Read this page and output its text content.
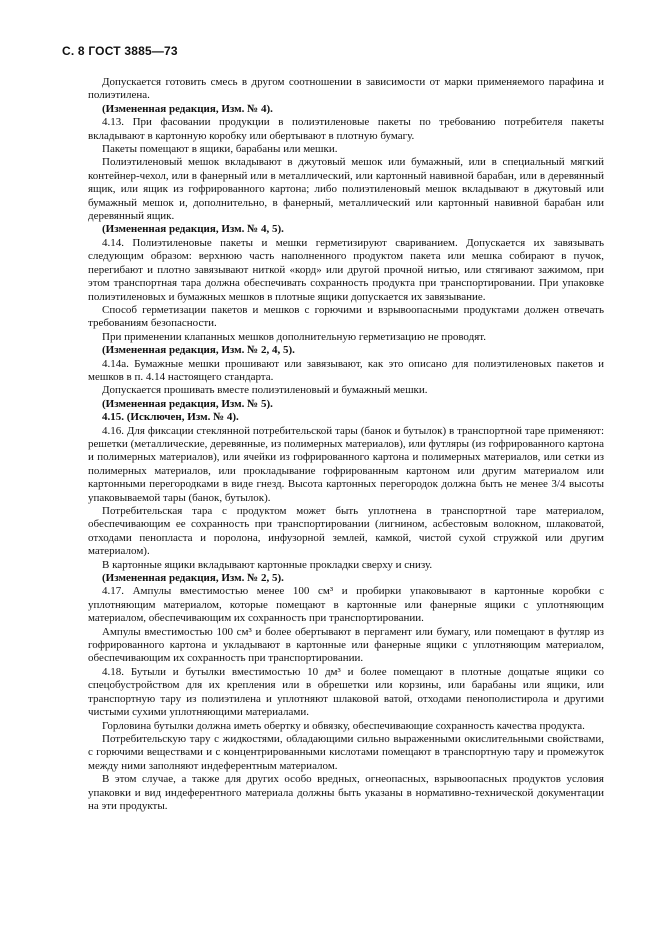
С. 8 ГОСТ 3885—73

Допускается готовить смесь в другом соотношении в зависимости от марки применяемого парафина и полиэтилена.

(Измененная редакция, Изм. № 4).

4.13. При фасовании продукции в полиэтиленовые пакеты по требованию потребителя пакеты вкладывают в картонную коробку или обертывают в плотную бумагу.

Пакеты помещают в ящики, барабаны или мешки.

Полиэтиленовый мешок вкладывают в джутовый мешок или бумажный, или в специальный мягкий контейнер-чехол, или в фанерный или в металлический, или картонный навивной барабан, или в деревянный ящик, или ящик из гофрированного картона; либо полиэтиленовый мешок вкладывают в джутовый или бумажный мешок и, дополнительно, в фанерный, металлический или картонный навивной барабан или деревянный ящик.

(Измененная редакция, Изм. № 4, 5).

4.14. Полиэтиленовые пакеты и мешки герметизируют свариванием. Допускается их завязывать следующим образом: верхнюю часть наполненного продуктом пакета или мешка собирают в пучок, перегибают и плотно завязывают ниткой «корд» или другой прочной нитью, или стягивают зажимом, при этом транспортная тара должна обеспечивать сохранность продукта при транспортировании. При упаковке полиэтиленовых и бумажных мешков в плотные ящики допускается их завязывание.

Способ герметизации пакетов и мешков с горючими и взрывоопасными продуктами должен отвечать требованиям безопасности.

При применении клапанных мешков дополнительную герметизацию не проводят.

(Измененная редакция, Изм. № 2, 4, 5).

4.14а. Бумажные мешки прошивают или завязывают, как это описано для полиэтиленовых пакетов и мешков в п. 4.14 настоящего стандарта.

Допускается прошивать вместе полиэтиленовый и бумажный мешки.

(Измененная редакция, Изм. № 5).

4.15. (Исключен, Изм. № 4).

4.16. Для фиксации стеклянной потребительской тары (банок и бутылок) в транспортной таре применяют: решетки (металлические, деревянные, из полимерных материалов), или футляры (из гофрированного картона и полимерных материалов), или ячейки из гофрированного картона и полимерных материалов, или сетки из полимерных материалов, или прокладывание гофрированным картоном или другим материалом или картонными перегородками в виде гнезд. Высота картонных перегородок должна быть не менее 3/4 высоты упаковываемой тары (банок, бутылок).

Потребительская тара с продуктом может быть уплотнена в транспортной таре материалом, обеспечивающим ее сохранность при транспортировании (лигнином, асбестовым волокном, шлаковатой, отходами пенопласта и поролона, инфузорной землей, камкой, чистой сухой стружкой или другим материалом).

В картонные ящики вкладывают картонные прокладки сверху и снизу.

(Измененная редакция, Изм. № 2, 5).

4.17. Ампулы вместимостью менее 100 см³ и пробирки упаковывают в картонные коробки с уплотняющим материалом, которые помещают в картонные или фанерные ящики с уплотняющим материалом, обеспечивающим их сохранность при транспортировании.

Ампулы вместимостью 100 см³ и более обертывают в пергамент или бумагу, или помещают в футляр из гофрированного картона и укладывают в картонные или фанерные ящики с уплотняющим материалом, обеспечивающим их сохранность при транспортировании.

4.18. Бутыли и бутылки вместимостью 10 дм³ и более помещают в плотные дощатые ящики со спецобустройством для их крепления или в обрешетки или корзины, или барабаны или ящики, или транспортную тару из полиэтилена и уплотняют шлаковой ватой, отходами пенополистирола и другими чистыми сухими уплотняющими материалами.

Горловина бутылки должна иметь обертку и обвязку, обеспечивающие сохранность качества продукта.

Потребительскую тару с жидкостями, обладающими сильно выраженными окислительными свойствами, с горючими веществами и с концентрированными кислотами помещают в транспортную тару и промежуток между ними заполняют индеферентным материалом.

В этом случае, а также для других особо вредных, огнеопасных, взрывоопасных продуктов условия упаковки и вид индеферентного материала должны быть указаны в нормативно-технической документации на эти продукты.
